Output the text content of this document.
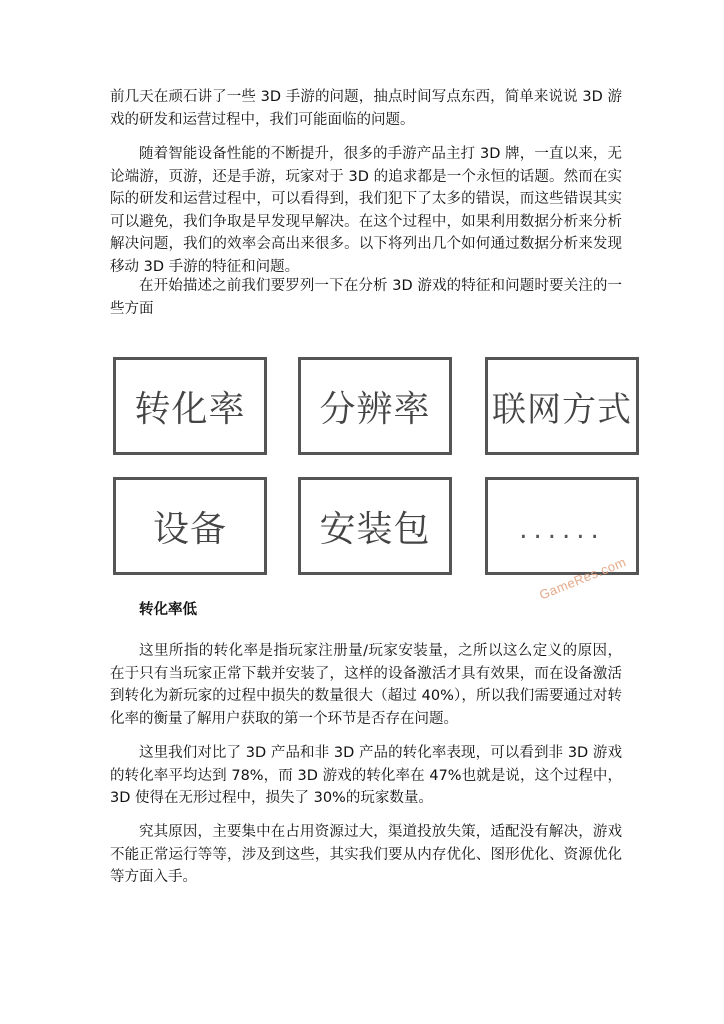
前几天在顽石讲了一些 3D 手游的问题，抽点时间写点东西，简单来说说 3D 游戏的研发和运营过程中，我们可能面临的问题。

随着智能设备性能的不断提升，很多的手游产品主打 3D 牌，一直以来，无论端游，页游，还是手游，玩家对于 3D 的追求都是一个永恒的话题。然而在实际的研发和运营过程中，可以看得到，我们犯下了太多的错误，而这些错误其实可以避免，我们争取是早发现早解决。在这个过程中，如果利用数据分析来分析解决问题，我们的效率会高出来很多。以下将列出几个如何通过数据分析来发现移动 3D 手游的特征和问题。

在开始描述之前我们要罗列一下在分析 3D 游戏的特征和问题时要关注的一些方面

转化率 分辨率 联网方式
设备	安装包	......
GameRes.com

转化率低

这里所指的转化率是指玩家注册量/玩家安装量，之所以这么定义的原因，在于只有当玩家正常下载并安装了，这样的设备激活才具有效果，而在设备激活到转化为新玩家的过程中损失的数量很大（超过 40%），所以我们需要通过对转化率的衡量了解用户获取的第一个环节是否存在问题。

这里我们对比了 3D 产品和非 3D 产品的转化率表现，可以看到非 3D 游戏的转化率平均达到 78%，而 3D 游戏的转化率在 47%也就是说，这个过程中，3D 使得在无形过程中，损失了 30%的玩家数量。

究其原因，主要集中在占用资源过大，渠道投放失策，适配没有解决，游戏不能正常运行等等，涉及到这些，其实我们要从内存优化、图形优化、资源优化等方面入手。
